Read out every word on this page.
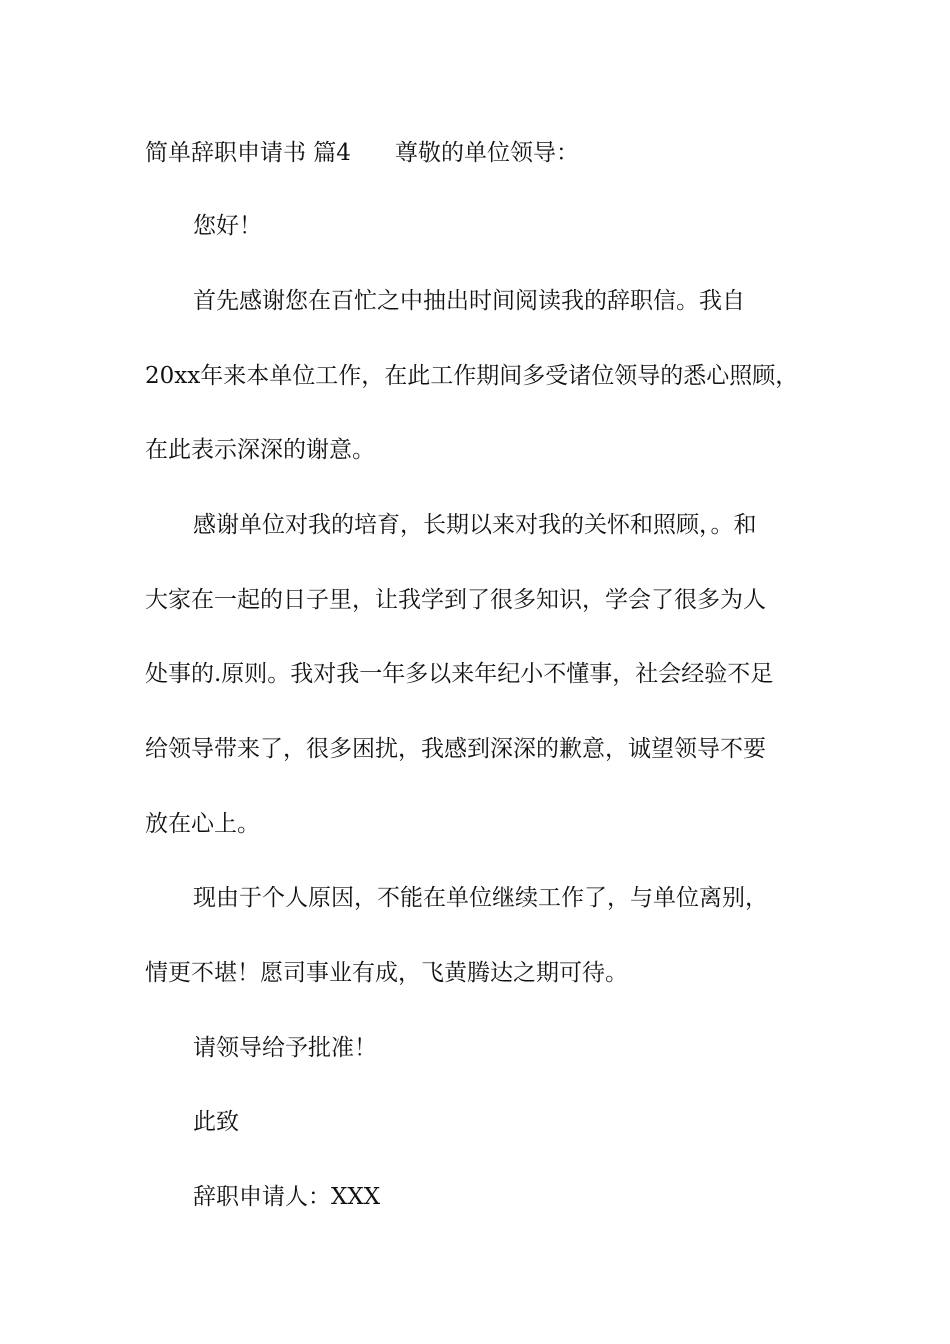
简单辞职申请书 篇4 尊敬的单位领导：
您好！
首先感谢您在百忙之中抽出时间阅读我的辞职信。我自
20xx年来本单位工作，在此工作期间多受诸位领导的悉心照顾，
在此表示深深的谢意。
感谢单位对我的培育，长期以来对我的关怀和照顾，。和
大家在一起的日子里，让我学到了很多知识，学会了很多为人
处事的.原则。我对我一年多以来年纪小不懂事，社会经验不足
给领导带来了，很多困扰，我感到深深的歉意，诚望领导不要
放在心上。
现由于个人原因，不能在单位继续工作了，与单位离别，
情更不堪！愿司事业有成，飞黄腾达之期可待。
请领导给予批准！
此致
辞职申请人：XXX
